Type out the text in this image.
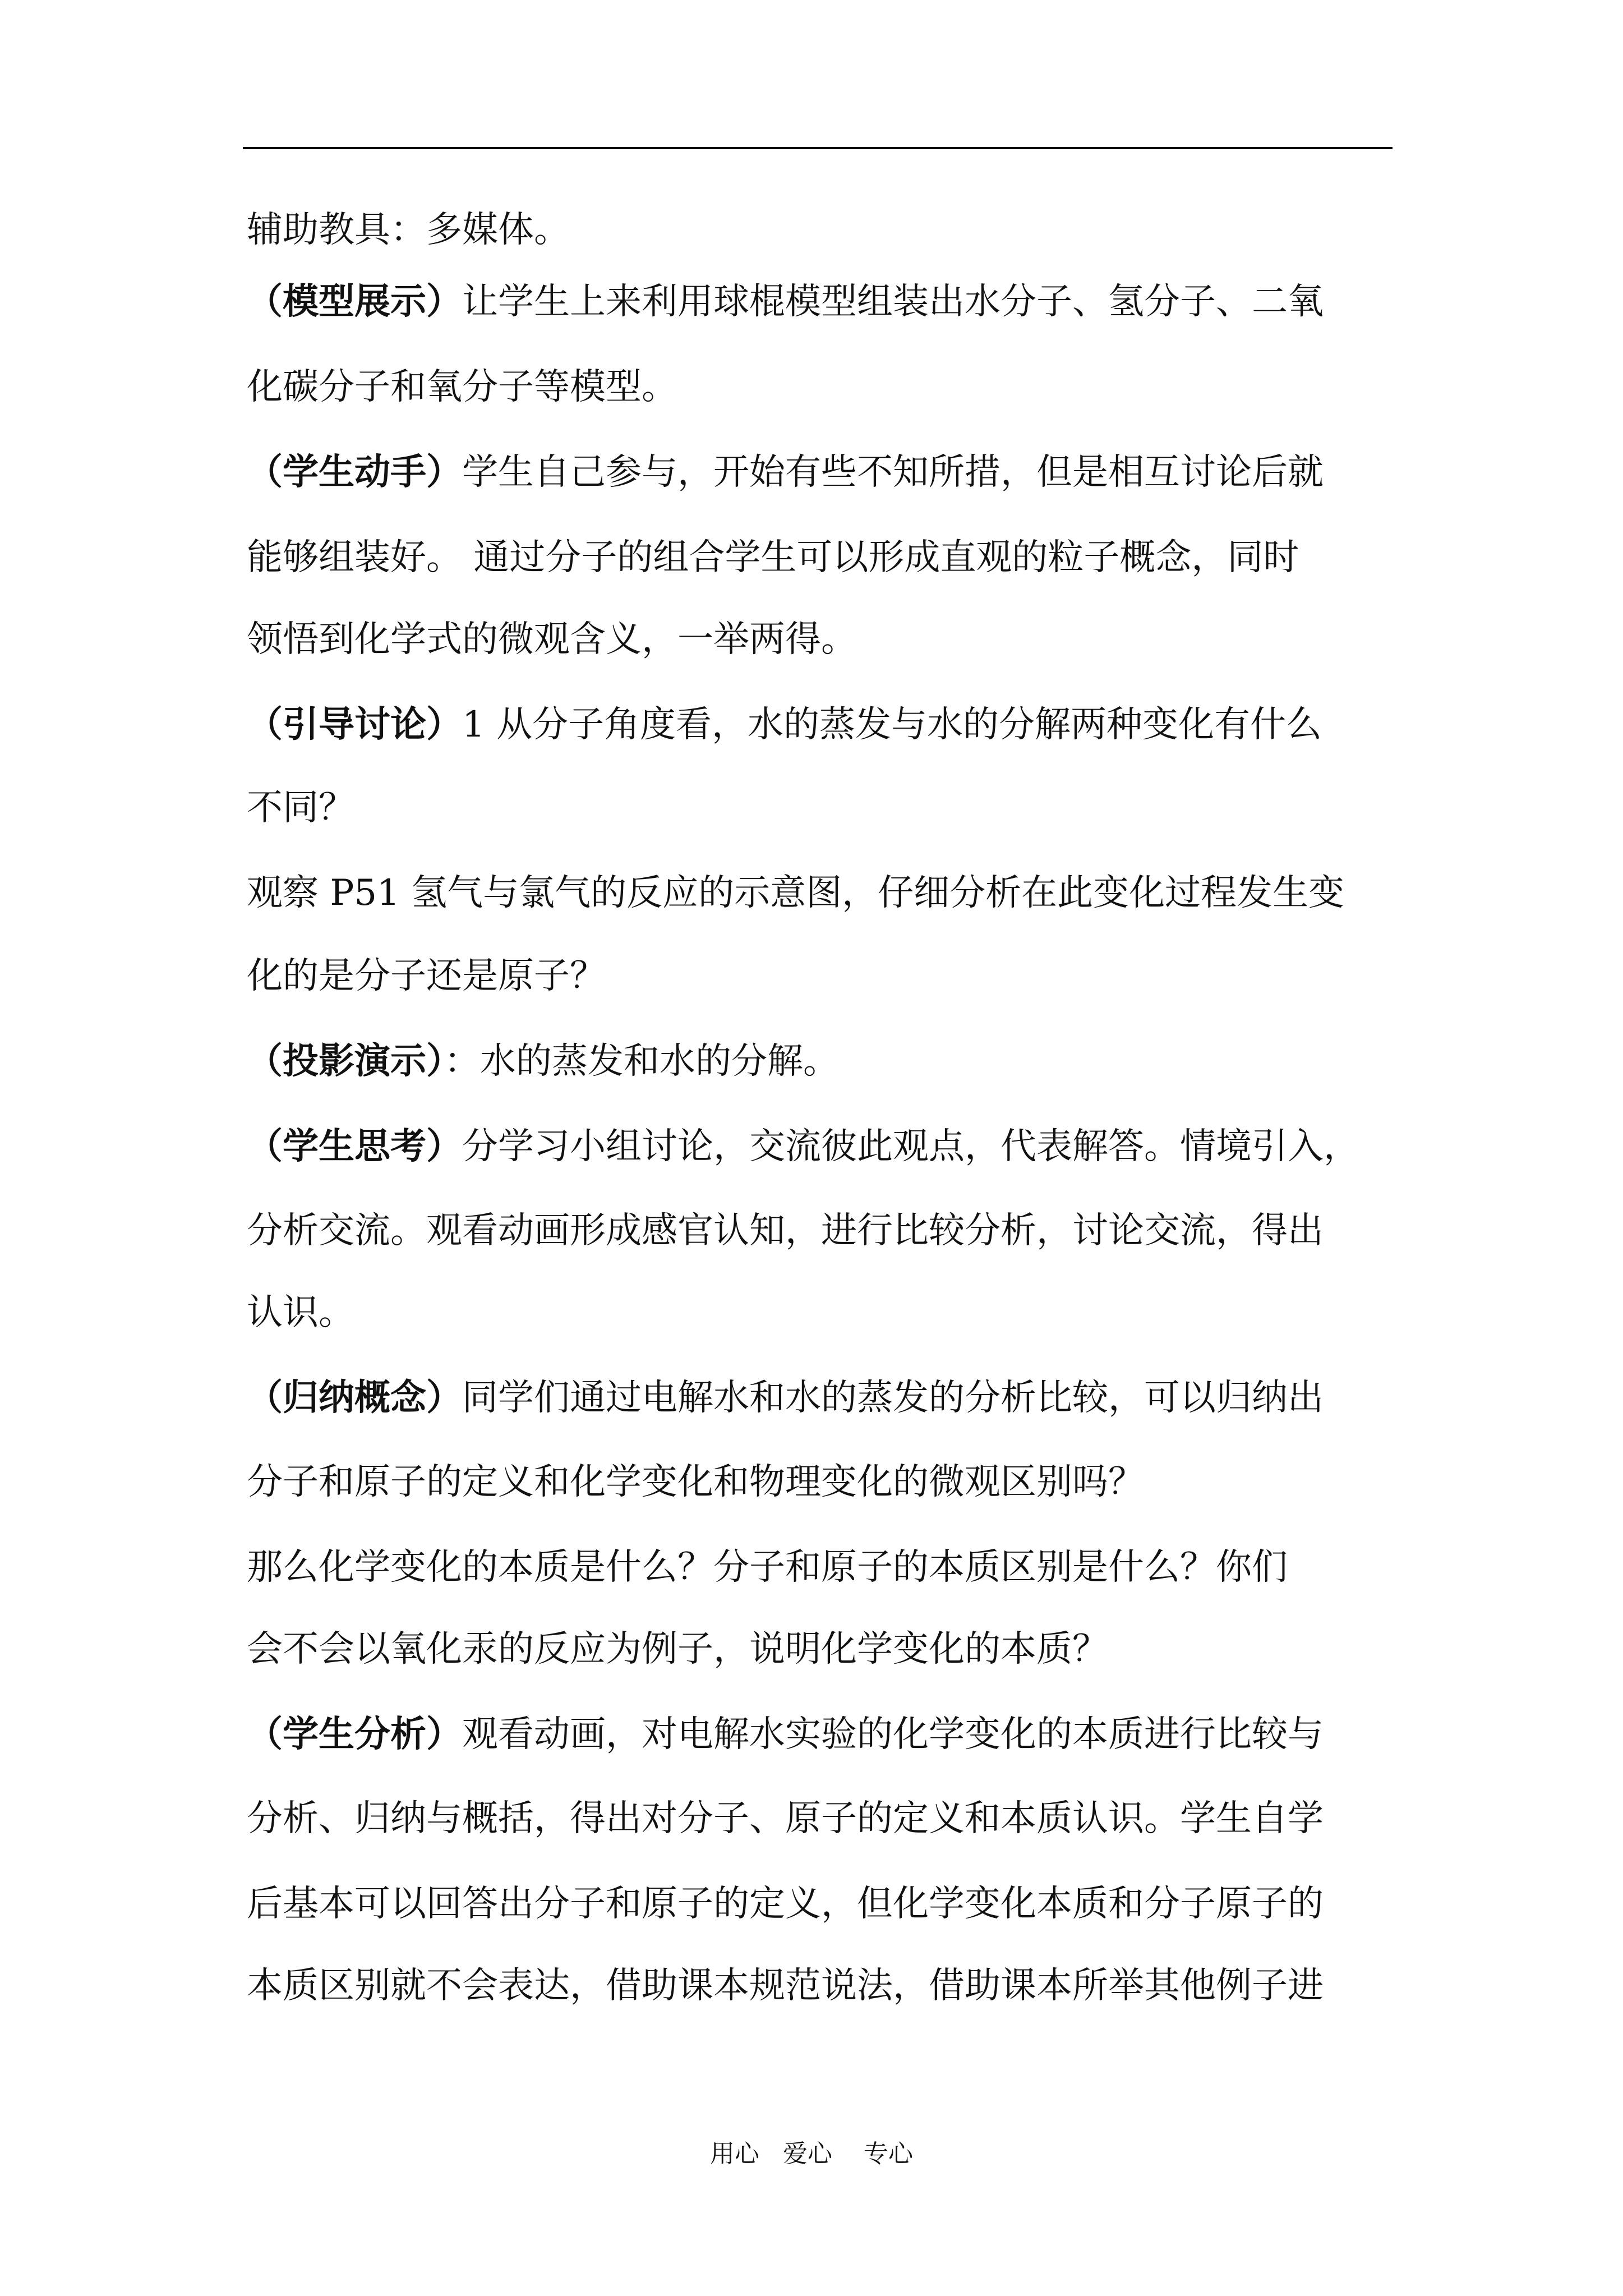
辅助教具：多媒体。
（模型展示）让学生上来利用球棍模型组装出水分子、氢分子、二氧
化碳分子和氧分子等模型。
（学生动手）学生自己参与，开始有些不知所措，但是相互讨论后就
能够组装好。 通过分子的组合学生可以形成直观的粒子概念，同时
领悟到化学式的微观含义，一举两得。
（引导讨论）1 从分子角度看，水的蒸发与水的分解两种变化有什么
不同？
观察 P51 氢气与氯气的反应的示意图，仔细分析在此变化过程发生变
化的是分子还是原子？
（投影演示）：水的蒸发和水的分解。
（学生思考）分学习小组讨论，交流彼此观点，代表解答。情境引入，
分析交流。观看动画形成感官认知，进行比较分析，讨论交流，得出
认识。
（归纳概念）同学们通过电解水和水的蒸发的分析比较，可以归纳出
分子和原子的定义和化学变化和物理变化的微观区别吗？
那么化学变化的本质是什么？分子和原子的本质区别是什么？你们
会不会以氧化汞的反应为例子，说明化学变化的本质？
（学生分析）观看动画，对电解水实验的化学变化的本质进行比较与
分析、归纳与概括，得出对分子、原子的定义和本质认识。学生自学
后基本可以回答出分子和原子的定义，但化学变化本质和分子原子的
本质区别就不会表达，借助课本规范说法，借助课本所举其他例子进
用心   爱心    专心
